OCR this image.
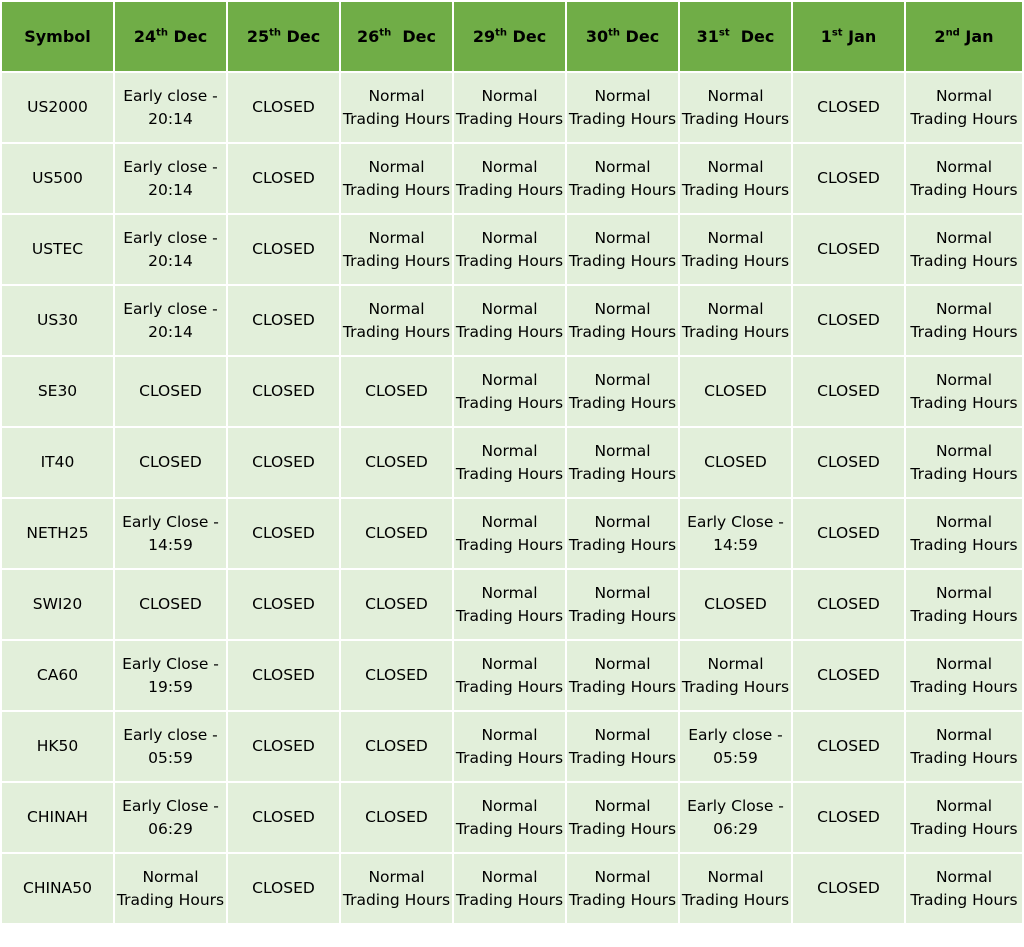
Symbol	24th Dec	25th Dec	26th  Dec	29th Dec	30th Dec	31st  Dec	1st Jan	2nd Jan
US2000	Early close - 20:14	CLOSED	Normal Trading Hours	Normal Trading Hours	Normal Trading Hours	Normal Trading Hours	CLOSED	Normal Trading Hours

US500	Early close - 20:14	CLOSED	Normal Trading Hours	Normal Trading Hours	Normal Trading Hours	Normal Trading Hours	CLOSED	Normal Trading Hours

USTEC	Early close - 20:14	CLOSED	Normal Trading Hours	Normal Trading Hours	Normal Trading Hours	Normal Trading Hours	CLOSED	Normal Trading Hours

US30	Early close - 20:14	CLOSED	Normal Trading Hours	Normal Trading Hours	Normal Trading Hours	Normal Trading Hours	CLOSED	Normal Trading Hours

SE30	CLOSED	CLOSED	CLOSED	Normal Trading Hours	Normal Trading Hours	CLOSED	CLOSED	Normal Trading Hours

IT40	CLOSED	CLOSED	CLOSED	Normal Trading Hours	Normal Trading Hours	CLOSED	CLOSED	Normal Trading Hours

NETH25	Early Close - 14:59	CLOSED	CLOSED	Normal Trading Hours	Normal Trading Hours	Early Close - 14:59	CLOSED	Normal Trading Hours

SWI20	CLOSED	CLOSED	CLOSED	Normal Trading Hours	Normal Trading Hours	CLOSED	CLOSED	Normal Trading Hours

CA60	Early Close - 19:59	CLOSED	CLOSED	Normal Trading Hours	Normal Trading Hours	Normal Trading Hours	CLOSED	Normal Trading Hours

HK50	Early close - 05:59	CLOSED	CLOSED	Normal Trading Hours	Normal Trading Hours	Early close - 05:59	CLOSED	Normal Trading Hours

CHINAH	Early Close - 06:29	CLOSED	CLOSED	Normal Trading Hours	Normal Trading Hours	Early Close - 06:29	CLOSED	Normal Trading Hours

CHINA50	Normal Trading Hours	CLOSED	Normal Trading Hours	Normal Trading Hours	Normal Trading Hours	Normal Trading Hours	CLOSED	Normal Trading Hours
